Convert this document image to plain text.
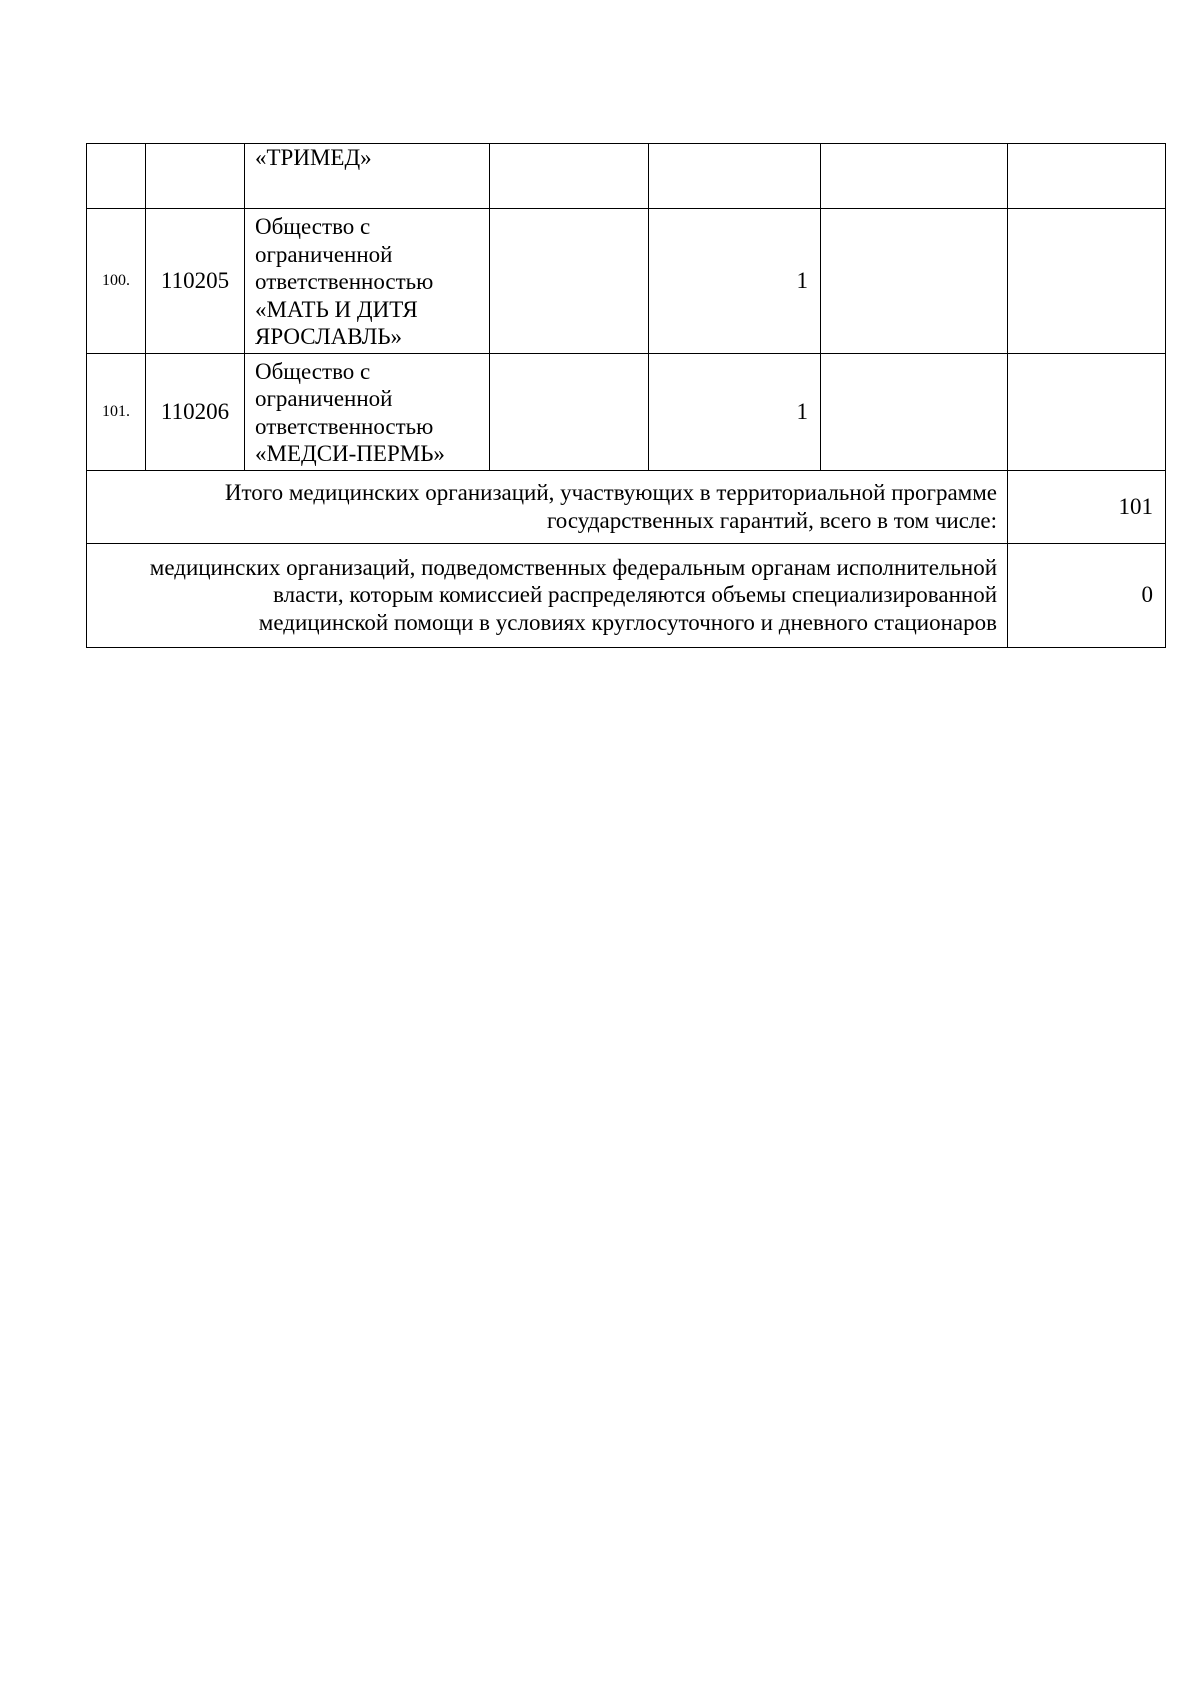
		«ТРИМЕД»				
100.	110205	Общество с
ограниченной
ответственностью
«МАТЬ И ДИТЯ
ЯРОСЛАВЛЬ»		1		
101.	110206	Общество с
ограниченной
ответственностью
«МЕДСИ-ПЕРМЬ»		1		

Итого медицинских организаций, участвующих в территориальной программе
государственных гарантий, всего в том числе:						101

медицинских организаций, подведомственных федеральным органам исполнительной
власти, которым комиссией распределяются объемы специализированной
медицинской помощи в условиях круглосуточного и дневного стационаров						0
